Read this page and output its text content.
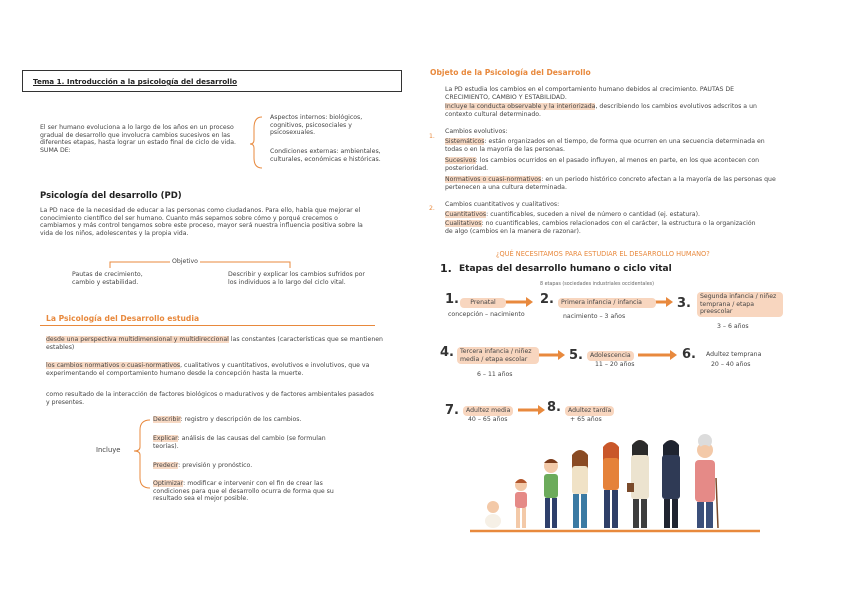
Tema 1. Introducción a la psicología del desarrollo
El ser humano evoluciona a lo largo de los años en un proceso gradual de desarrollo que involucra cambios sucesivos en las diferentes etapas, hasta lograr un estado final de ciclo de vida. SUMA DE:
Aspectos internos: biológicos, cognitivos, psicosociales y psicosexuales.
Condiciones externas: ambientales, culturales, económicas e históricas.
Psicología del desarrollo (PD)
La PD nace de la necesidad de educar a las personas como ciudadanos. Para ello, había que mejorar el conocimiento científico del ser humano. Cuanto más sepamos sobre cómo y porqué crecemos o cambiamos y más control tengamos sobre este proceso, mayor será nuestra influencia positiva sobre la vida de los niños, adolescentes y la propia vida.
Objetivo
Pautas de crecimiento, cambio y estabilidad.
Describir y explicar los cambios sufridos por los individuos a lo largo del ciclo vital.
La Psicología del Desarrollo estudia
desde una perspectiva multidimensional y multidireccional las constantes (características que se mantienen estables)
los cambios normativos o cuasi-normativos, cualitativos y cuantitativos, evolutivos e involutivos, que va experimentando el comportamiento humano desde la concepción hasta la muerte.
como resultado de la interacción de factores biológicos o madurativos y de factores ambientales pasados y presentes.
Incluye
Describir: registro y descripción de los cambios.
Explicar: análisis de las causas del cambio (se formulan teorías).
Predecir: previsión y pronóstico.
Optimizar: modificar e intervenir con el fin de crear las condiciones para que el desarrollo ocurra de forma que su resultado sea el mejor posible.
Objeto de la Psicología del Desarrollo
La PD estudia los cambios en el comportamiento humano debidos al crecimiento. PAUTAS DE CRECIMIENTO, CAMBIO Y ESTABILIDAD.
Incluye la conducta observable y la interiorizada, describiendo los cambios evolutivos adscritos a un contexto cultural determinado.
1.
Cambios evolutivos:
Sistemáticos: están organizados en el tiempo, de forma que ocurren en una secuencia determinada en todas o en la mayoría de las personas.
Sucesivos: los cambios ocurridos en el pasado influyen, al menos en parte, en los que acontecen con posterioridad.
Normativos o cuasi-normativos: en un periodo histórico concreto afectan a la mayoría de las personas que pertenecen a una cultura determinada.
2.
Cambios cuantitativos y cualitativos:
Cuantitativos: cuantificables, suceden a nivel de número o cantidad (ej. estatura).
Cualitativos: no cuantificables, cambios relacionados con el carácter, la estructura o la organización de algo (cambios en la manera de razonar).
¿QUÉ NECESITAMOS PARA ESTUDIAR EL DESARROLLO HUMANO?
1. Etapas del desarrollo humano o ciclo vital
8 etapas (sociedades industriales occidentales)
1.	Prenatal
concepción – nacimiento
2.	Primera infancia / infancia
nacimiento – 3 años
3.	Segunda infancia / niñez temprana / etapa preescolar
3 – 6 años
4. Tercera infancia / niñez media / etapa escolar
6 – 11 años
5.	Adolescencia
11 – 20 años
6. Adultez temprana
20 – 40 años
7.	Adultez media
40 – 65 años
8.	Adultez tardía
+ 65 años
